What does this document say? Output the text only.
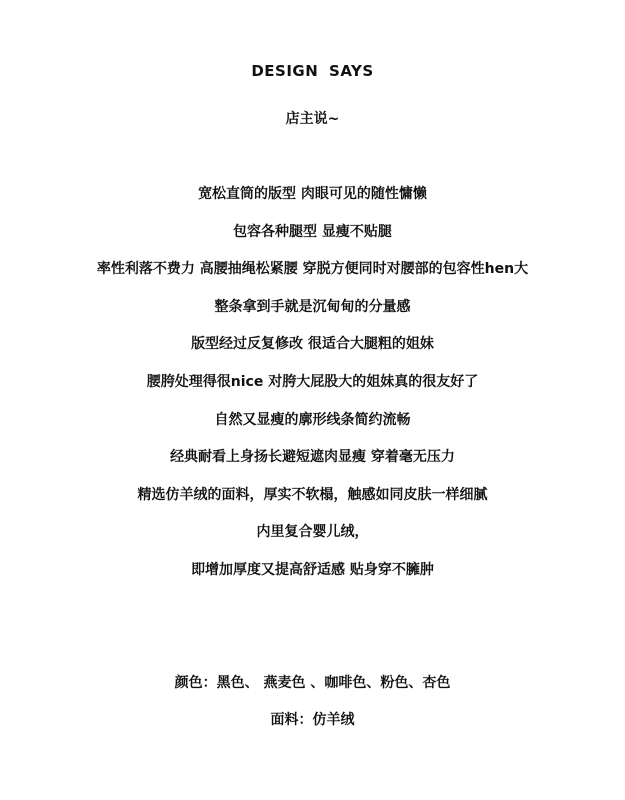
DESIGN SAYS
店主说~
宽松直筒的版型 肉眼可见的随性慵懒
包容各种腿型 显瘦不贴腿
率性利落不费力 高腰抽绳松紧腰 穿脱方便同时对腰部的包容性hen大
整条拿到手就是沉甸甸的分量感
版型经过反复修改 很适合大腿粗的姐妹
腰胯处理得很nice 对胯大屁股大的姐妹真的很友好了
自然又显瘦的廓形线条简约流畅
经典耐看上身扬长避短遮肉显瘦 穿着毫无压力
精选仿羊绒的面料，厚实不软榻，触感如同皮肤一样细腻
内里复合婴儿绒，
即增加厚度又提高舒适感 贴身穿不臃肿
颜色：黑色、 燕麦色 、咖啡色、粉色、杏色
面料：仿羊绒
